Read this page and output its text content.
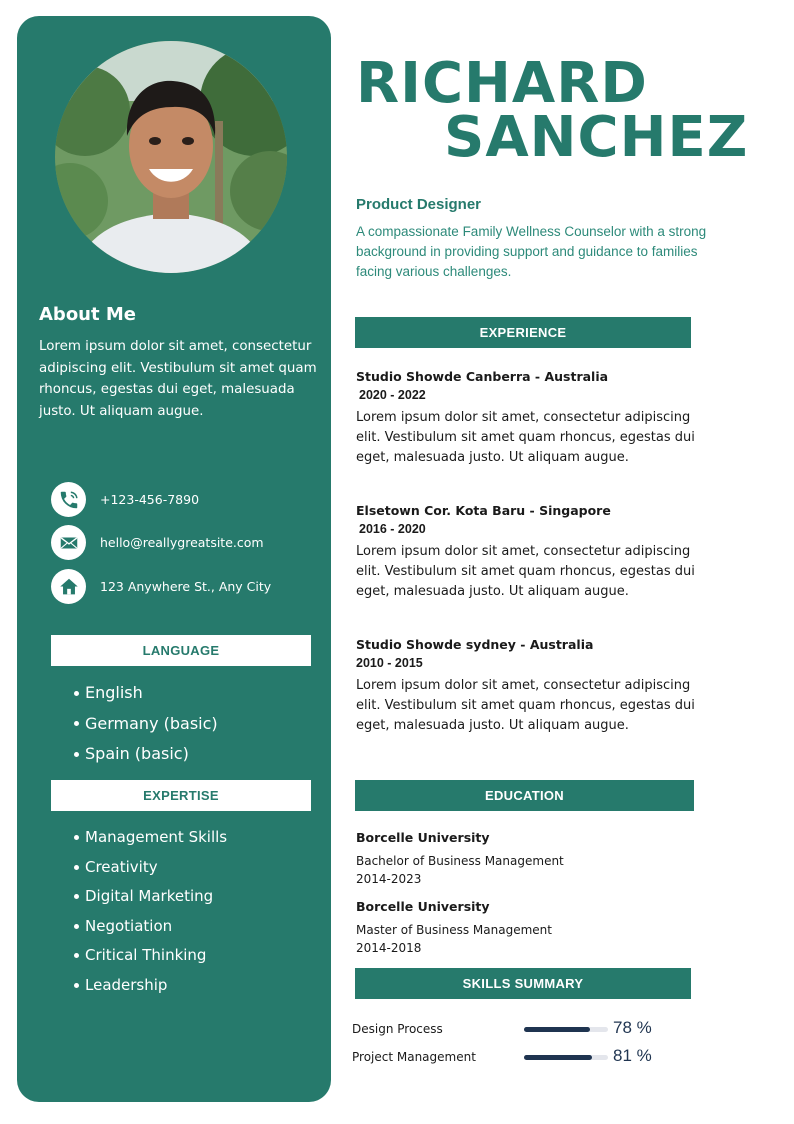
About Me
Lorem ipsum dolor sit amet, consectetur adipiscing elit. Vestibulum sit amet quam rhoncus, egestas dui eget, malesuada justo. Ut aliquam augue.
+123-456-7890
hello@reallygreatsite.com
123 Anywhere St., Any City
LANGUAGE
English
Germany (basic)
Spain (basic)
EXPERTISE
Management Skills
Creativity
Digital Marketing
Negotiation
Critical Thinking
Leadership
RICHARD
SANCHEZ
Product Designer
A compassionate Family Wellness Counselor with a strong background in providing support and guidance to families facing various challenges.
EXPERIENCE
Studio Showde Canberra - Australia
2020 - 2022
Lorem ipsum dolor sit amet, consectetur adipiscing elit. Vestibulum sit amet quam rhoncus, egestas dui eget, malesuada justo. Ut aliquam augue.
Elsetown Cor. Kota Baru - Singapore
2016 - 2020
Lorem ipsum dolor sit amet, consectetur adipiscing elit. Vestibulum sit amet quam rhoncus, egestas dui eget, malesuada justo. Ut aliquam augue.
Studio Showde sydney - Australia
2010 - 2015
Lorem ipsum dolor sit amet, consectetur adipiscing elit. Vestibulum sit amet quam rhoncus, egestas dui eget, malesuada justo. Ut aliquam augue.
EDUCATION
Borcelle University
Bachelor of Business Management
2014-2023
Borcelle University
Master of Business Management
2014-2018
SKILLS SUMMARY
Design Process	78 %
Project Management	81 %
